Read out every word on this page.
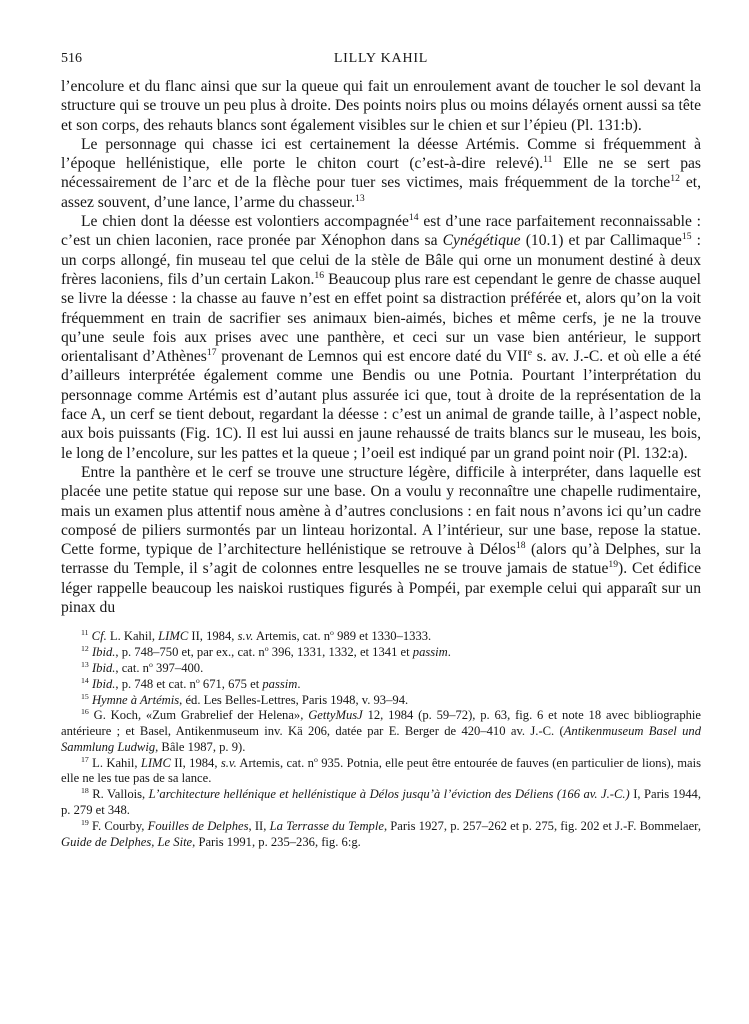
516	LILLY KAHIL

l’encolure et du flanc ainsi que sur la queue qui fait un enroulement avant de toucher le sol devant la structure qui se trouve un peu plus à droite. Des points noirs plus ou moins délayés ornent aussi sa tête et son corps, des rehauts blancs sont également visibles sur le chien et sur l’épieu (Pl. 131:b).

Le personnage qui chasse ici est certainement la déesse Artémis. Comme si fréquemment à l’époque hellénistique, elle porte le chiton court (c’est-à-dire relevé).$^{11}$ Elle ne se sert pas nécessairement de l’arc et de la flèche pour tuer ses victimes, mais fréquemment de la torche$^{12}$ et, assez souvent, d’une lance, l’arme du chasseur.$^{13}$

Le chien dont la déesse est volontiers accompagnée$^{14}$ est d’une race parfaitement reconnaissable : c’est un chien laconien, race pronée par Xénophon dans sa Cynégétique (10.1) et par Callimaque$^{15}$ : un corps allongé, fin museau tel que celui de la stèle de Bâle qui orne un monument destiné à deux frères laconiens, fils d’un certain Lakon.$^{16}$ Beaucoup plus rare est cependant le genre de chasse auquel se livre la déesse : la chasse au fauve n’est en effet point sa distraction préférée et, alors qu’on la voit fréquemment en train de sacrifier ses animaux bien-aimés, biches et même cerfs, je ne la trouve qu’une seule fois aux prises avec une panthère, et ceci sur un vase bien antérieur, le support orientalisant d’Athènes$^{17}$ provenant de Lemnos qui est encore daté du VIIe s. av. J.-C. et où elle a été d’ailleurs interprétée également comme une Bendis ou une Potnia. Pourtant l’interprétation du personnage comme Artémis est d’autant plus assurée ici que, tout à droite de la représentation de la face A, un cerf se tient debout, regardant la déesse : c’est un animal de grande taille, à l’aspect noble, aux bois puissants (Fig. 1C). Il est lui aussi en jaune rehaussé de traits blancs sur le museau, les bois, le long de l’encolure, sur les pattes et la queue ; l’oeil est indiqué par un grand point noir (Pl. 132:a).

Entre la panthère et le cerf se trouve une structure légère, difficile à interpréter, dans laquelle est placée une petite statue qui repose sur une base. On a voulu y reconnaître une chapelle rudimentaire, mais un examen plus attentif nous amène à d’autres conclusions : en fait nous n’avons ici qu’un cadre composé de piliers surmontés par un linteau horizontal. A l’intérieur, sur une base, repose la statue. Cette forme, typique de l’architecture hellénistique se retrouve à Délos$^{18}$ (alors qu’à Delphes, sur la terrasse du Temple, il s’agit de colonnes entre lesquelles ne se trouve jamais de statue$^{19}$). Cet édifice léger rappelle beaucoup les naiskoi rustiques figurés à Pompéi, par exemple celui qui apparaît sur un pinax du

$^{11}$ Cf. L. Kahil, LIMC II, 1984, s.v. Artemis, cat. $n^o$ 989 et 1330–1333.

$^{12}$ Ibid., p. 748–750 et, par ex., cat. $n^o$ 396, 1331, 1332, et 1341 et passim.

$^{13}$ Ibid., cat. $n^o$ 397–400.

$^{14}$ Ibid., p. 748 et cat. $n^o$ 671, 675 et passim.

$^{15}$ Hymne à Artémis, éd. Les Belles-Lettres, Paris 1948, v. 93–94.

$^{16}$ G. Koch, «Zum Grabrelief der Helena», GettyMusJ 12, 1984 (p. 59–72), p. 63, fig. 6 et note 18 avec bibliographie antérieure ; et Basel, Antikenmuseum inv. Kä 206, datée par E. Berger de 420–410 av. J.-C. (Antikenmuseum Basel und Sammlung Ludwig, Bâle 1987, p. 9).

$^{17}$ L. Kahil, LIMC II, 1984, s.v. Artemis, cat. $n^o$ 935. Potnia, elle peut être entourée de fauves (en particulier de lions), mais elle ne les tue pas de sa lance.

$^{18}$ R. Vallois, L’architecture hellénique et hellénistique à Délos jusqu’à l’éviction des Déliens (166 av. J.-C.) I, Paris 1944, p. 279 et 348.

$^{19}$ F. Courby, Fouilles de Delphes, II, La Terrasse du Temple, Paris 1927, p. 257–262 et p. 275, fig. 202 et J.-F. Bommelaer, Guide de Delphes, Le Site, Paris 1991, p. 235–236, fig. 6:g.
